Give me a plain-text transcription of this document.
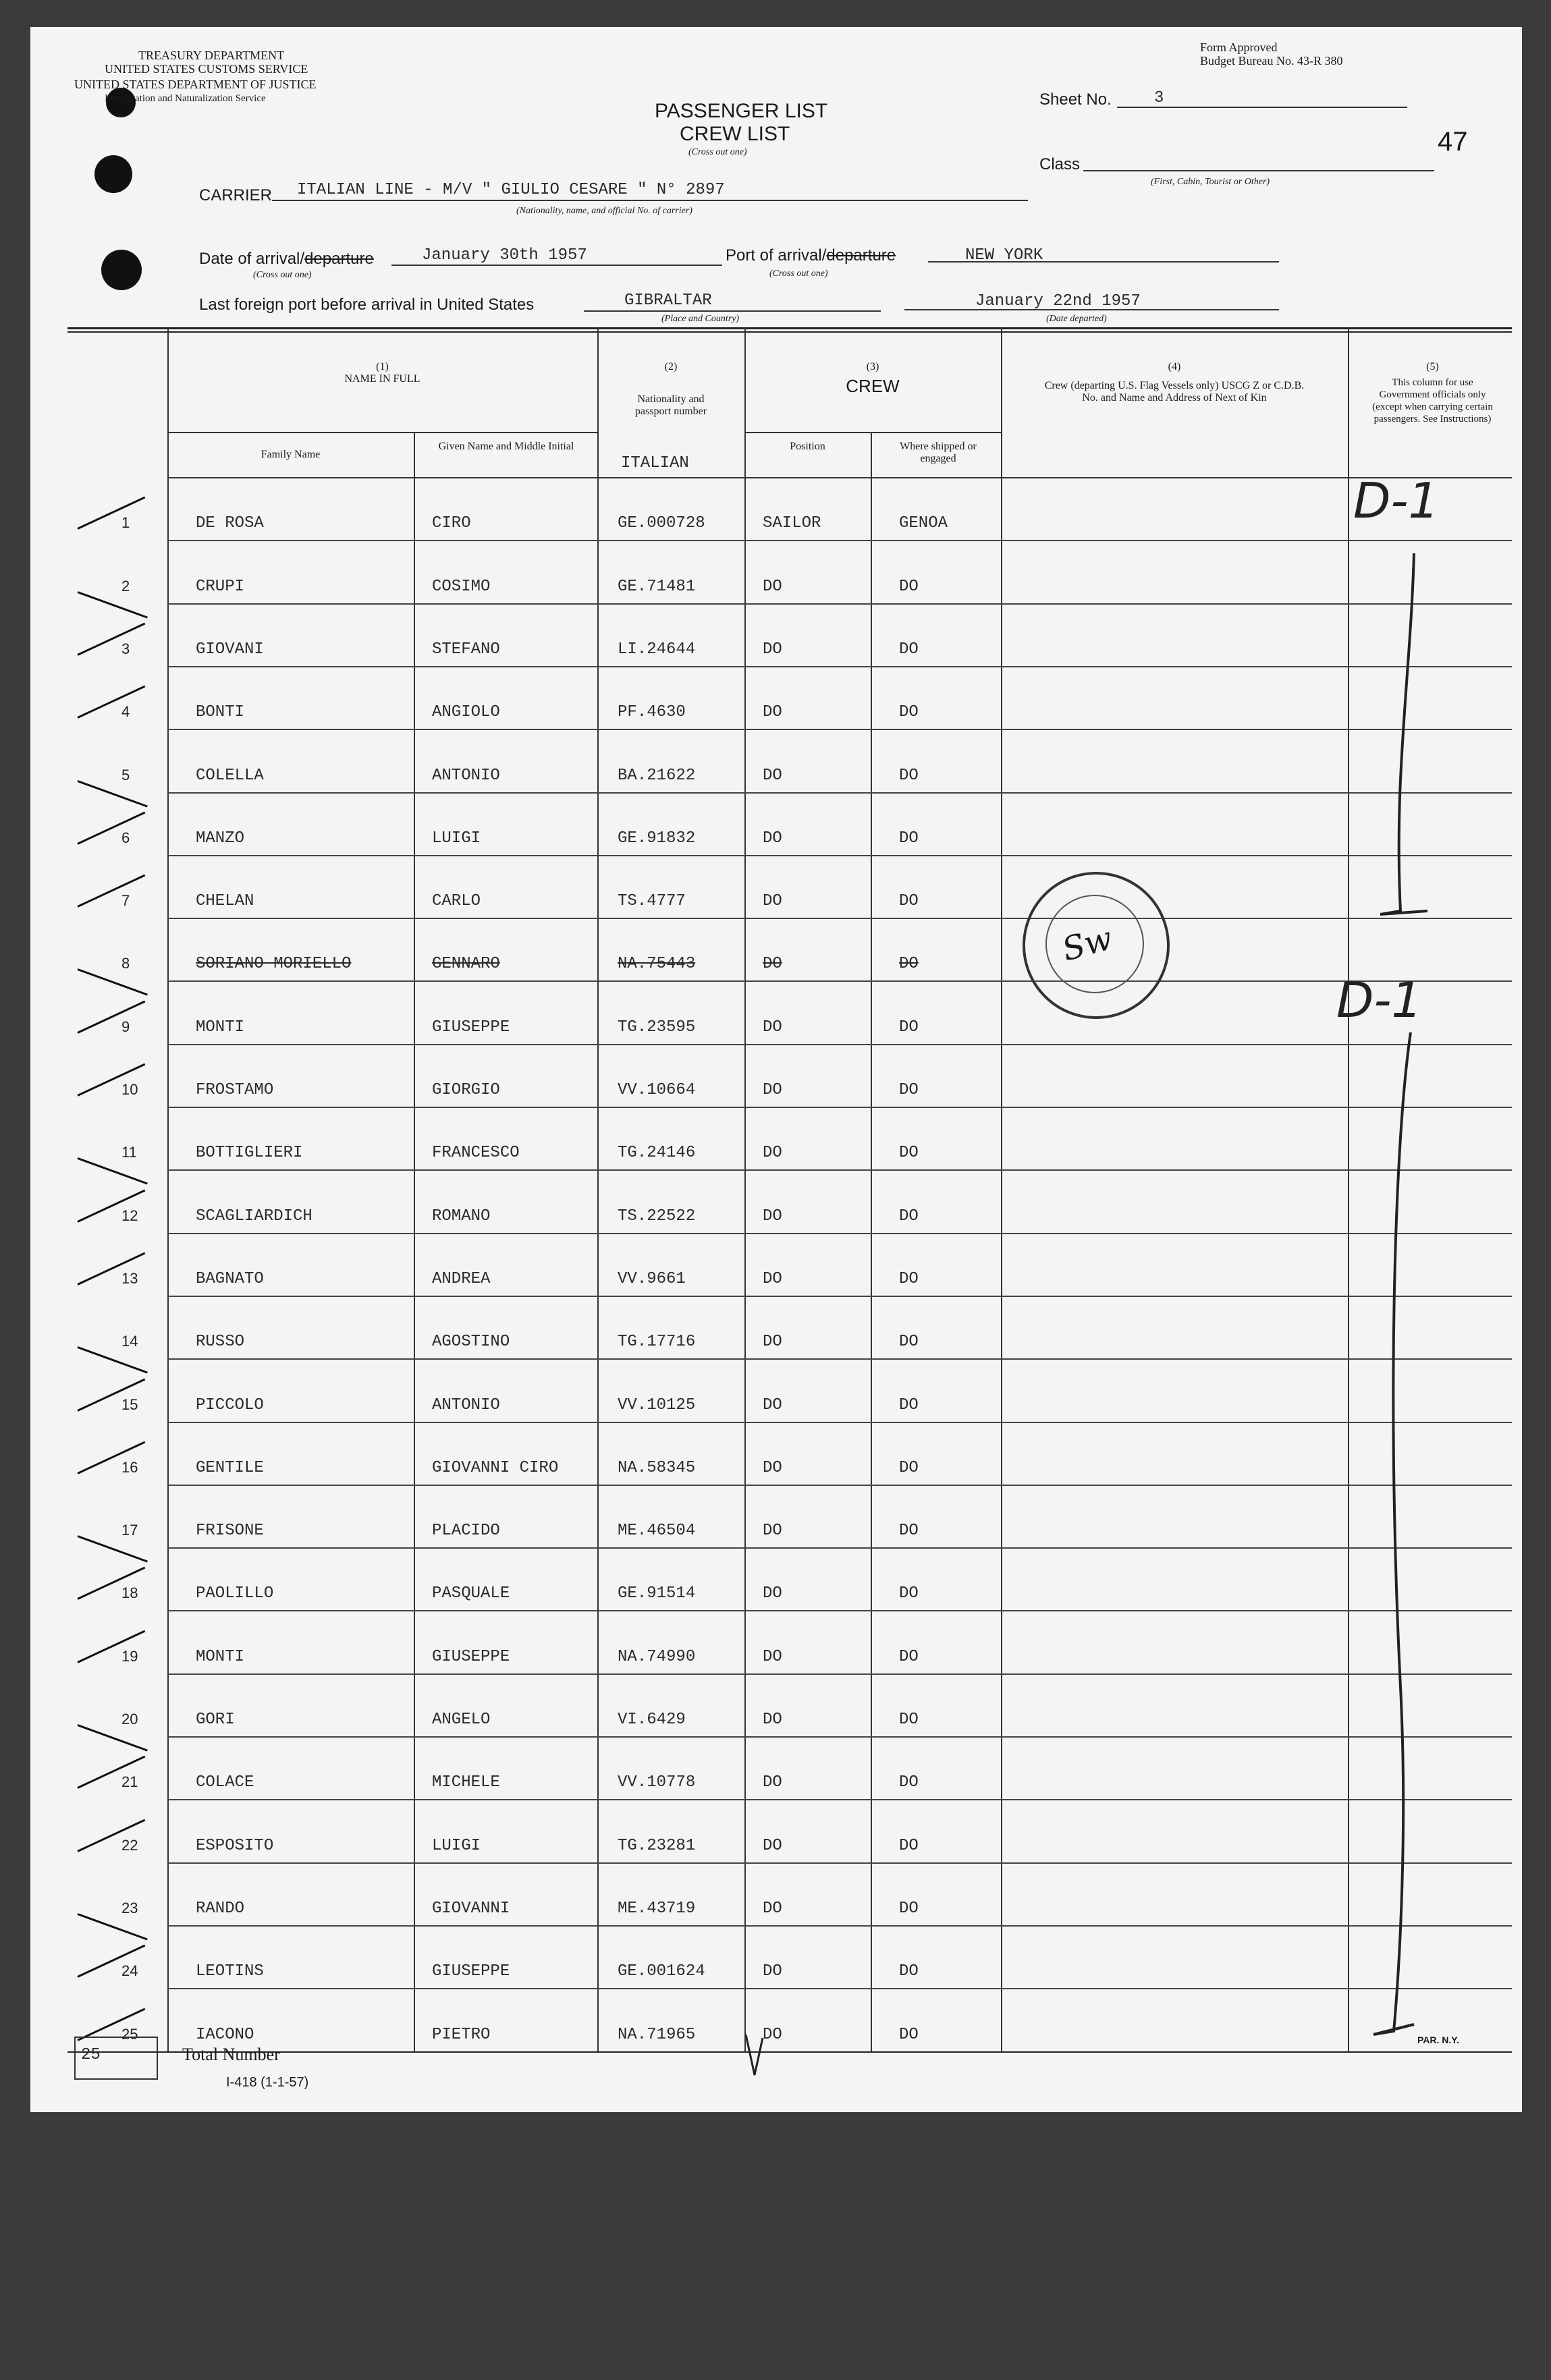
TREASURY DEPARTMENT
UNITED STATES CUSTOMS SERVICE
UNITED STATES DEPARTMENT OF JUSTICE
Immigration and Naturalization Service
Form Approved
Budget Bureau No. 43-R 380
PASSENGER LIST
CREW LIST
(Cross out one)
Sheet No.	3
Class
(First, Cabin, Tourist or Other)
47
CARRIER ITALIAN LINE - M/V " GIULIO CESARE " N° 2897
(Nationality, name, and official No. of carrier)
Date of arrival/departure	January 30th 1957
(Cross out one)
Port of arrival/departure	NEW YORK
(Cross out one)
Last foreign port before arrival in United States	GIBRALTAR
(Place and Country)
January 22nd 1957
(Date departed)
(1)
NAME IN FULL
Family Name
Given Name and Middle Initial
(2)
Nationality and passport number
ITALIAN
(3)
CREW
Position	Where shipped or engaged
(4)
Crew (departing U.S. Flag Vessels only) USCG Z or C.D.B. No. and Name and Address of Next of Kin
(5)
This column for use Government officials only (except when carrying certain passengers. See Instructions)
1	DE ROSA	CIRO	GE.000728	SAILOR	GENOA
2	CRUPI	COSIMO	GE.71481	DO	DO
3	GIOVANI	STEFANO	LI.24644	DO	DO
4	BONTI	ANGIOLO	PF.4630	DO	DO
5	COLELLA	ANTONIO	BA.21622	DO	DO
6	MANZO	LUIGI	GE.91832	DO	DO
7	CHELAN	CARLO	TS.4777	DO	DO
8	SORIANO MORIELLO	GENNARO	NA.75443	DO	DO
9	MONTI	GIUSEPPE	TG.23595	DO	DO
10	FROSTAMO	GIORGIO	VV.10664	DO	DO
11	BOTTIGLIERI	FRANCESCO	TG.24146	DO	DO
12	SCAGLIARDICH	ROMANO	TS.22522	DO	DO
13	BAGNATO	ANDREA	VV.9661	DO	DO
14	RUSSO	AGOSTINO	TG.17716	DO	DO
15	PICCOLO	ANTONIO	VV.10125	DO	DO
16	GENTILE	GIOVANNI CIRO	NA.58345	DO	DO
17	FRISONE	PLACIDO	ME.46504	DO	DO
18	PAOLILLO	PASQUALE	GE.91514	DO	DO
19	MONTI	GIUSEPPE	NA.74990	DO	DO
20	GORI	ANGELO	VI.6429	DO	DO
21	COLACE	MICHELE	VV.10778	DO	DO
22	ESPOSITO	LUIGI	TG.23281	DO	DO
23	RANDO	GIOVANNI	ME.43719	DO	DO
24	LEOTINS	GIUSEPPE	GE.001624	DO	DO
25	IACONO	PIETRO	NA.71965	DO	DO
Sw
D-1
D-1
25	Total Number
I-418 (1-1-57)
PAR. N.Y.
